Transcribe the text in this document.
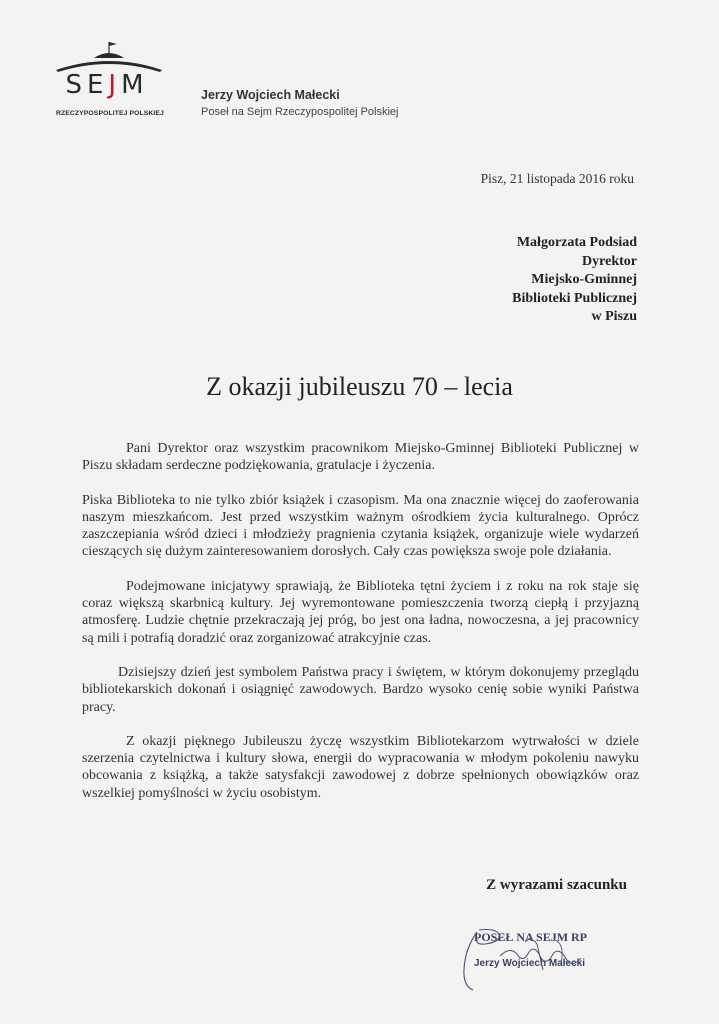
SEJM
RZECZYPOSPOLITEJ POLSKIEJ
Jerzy Wojciech Małecki
Poseł na Sejm Rzeczypospolitej Polskiej
Pisz, 21 listopada 2016 roku
Małgorzata Podsiad
Dyrektor
Miejsko-Gminnej
Biblioteki Publicznej
w Piszu
Z okazji jubileuszu 70 – lecia

Pani Dyrektor oraz wszystkim pracownikom Miejsko-Gminnej Biblioteki Publicznej w Piszu składam serdeczne podziękowania, gratulacje i życzenia.

Piska Biblioteka to nie tylko zbiór książek i czasopism. Ma ona znacznie więcej do zaoferowania naszym mieszkańcom. Jest przed wszystkim ważnym ośrodkiem życia kulturalnego. Oprócz zaszczepiania wśród dzieci i młodzieży pragnienia czytania książek, organizuje wiele wydarzeń cieszących się dużym zainteresowaniem dorosłych. Cały czas powiększa swoje pole działania.

Podejmowane inicjatywy sprawiają, że Biblioteka tętni życiem i z roku na rok staje się coraz większą skarbnicą kultury. Jej wyremontowane pomieszczenia tworzą ciepłą i przyjazną atmosferę. Ludzie chętnie przekraczają jej próg, bo jest ona ładna, nowoczesna, a jej pracownicy są mili i potrafią doradzić oraz zorganizować atrakcyjnie czas.

Dzisiejszy dzień jest symbolem Państwa pracy i świętem, w którym dokonujemy przeglądu bibliotekarskich dokonań i osiągnięć zawodowych. Bardzo wysoko cenię sobie wyniki Państwa pracy.

Z okazji pięknego Jubileuszu życzę wszystkim Bibliotekarzom wytrwałości w dziele szerzenia czytelnictwa i kultury słowa, energii do wypracowania w młodym pokoleniu nawyku obcowania z książką, a także satysfakcji zawodowej z dobrze spełnionych obowiązków oraz wszelkiej pomyślności w życiu osobistym.

Z wyrazami szacunku
POSEŁ NA SEJM RP
Jerzy Wojciech Małecki
